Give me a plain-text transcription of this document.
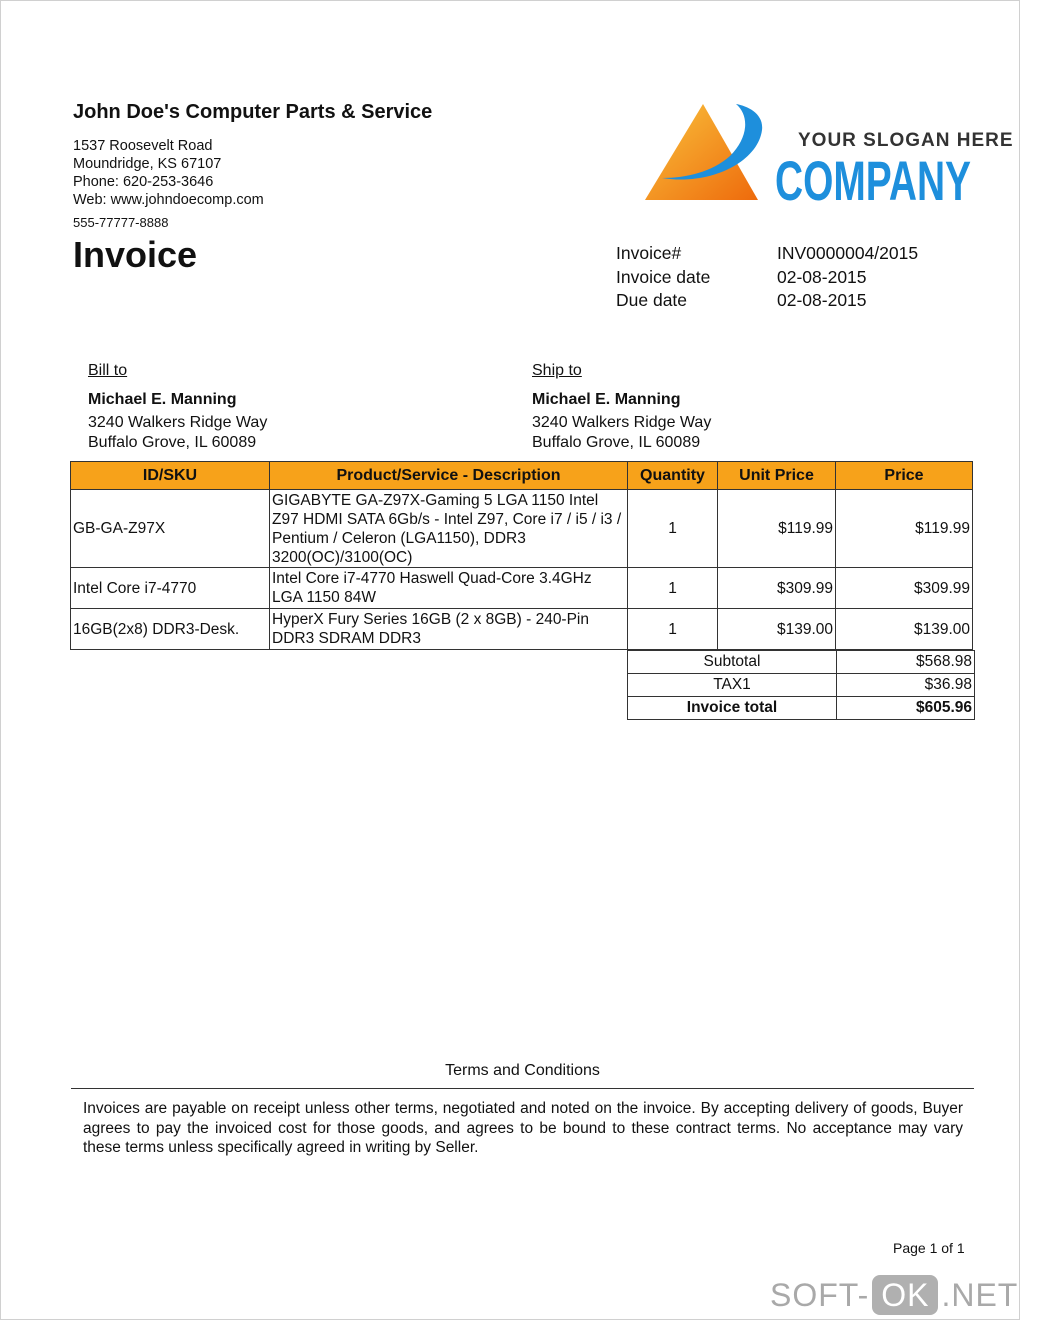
John Doe's Computer Parts & Service
1537 Roosevelt Road
Moundridge, KS 67107
Phone: 620-253-3646
Web: www.johndoecomp.com
555-77777-8888
YOUR SLOGAN HERE
COMPANY
Invoice	Invoice#	INV0000004/2015
Invoice date	02-08-2015
Due date	02-08-2015
Bill to
Michael E. Manning
3240 Walkers Ridge Way
Buffalo Grove, IL 60089
Ship to
Michael E. Manning
3240 Walkers Ridge Way
Buffalo Grove, IL 60089
ID/SKU	Product/Service - Description	Quantity	Unit Price	Price
GB-GA-Z97X	GIGABYTE GA-Z97X-Gaming 5 LGA 1150 Intel Z97 HDMI SATA 6Gb/s - Intel Z97, Core i7 / i5 / i3 / Pentium / Celeron (LGA1150), DDR3 3200(OC)/3100(OC)	1	$119.99	$119.99
Intel Core i7-4770	Intel Core i7-4770 Haswell Quad-Core 3.4GHz LGA 1150 84W	1	$309.99	$309.99
16GB(2x8) DDR3-Desk.	HyperX Fury Series 16GB (2 x 8GB) - 240-Pin DDR3 SDRAM DDR3	1	$139.00	$139.00
Subtotal	$568.98
TAX1	$36.98
Invoice total	$605.96
Terms and Conditions
Invoices are payable on receipt unless other terms, negotiated and noted on the invoice. By accepting delivery of goods, Buyer agrees to pay the invoiced cost for those goods, and agrees to be bound to these contract terms. No acceptance may vary these terms unless specifically agreed in writing by Seller.
Page 1 of 1
SOFT- OK .NET
